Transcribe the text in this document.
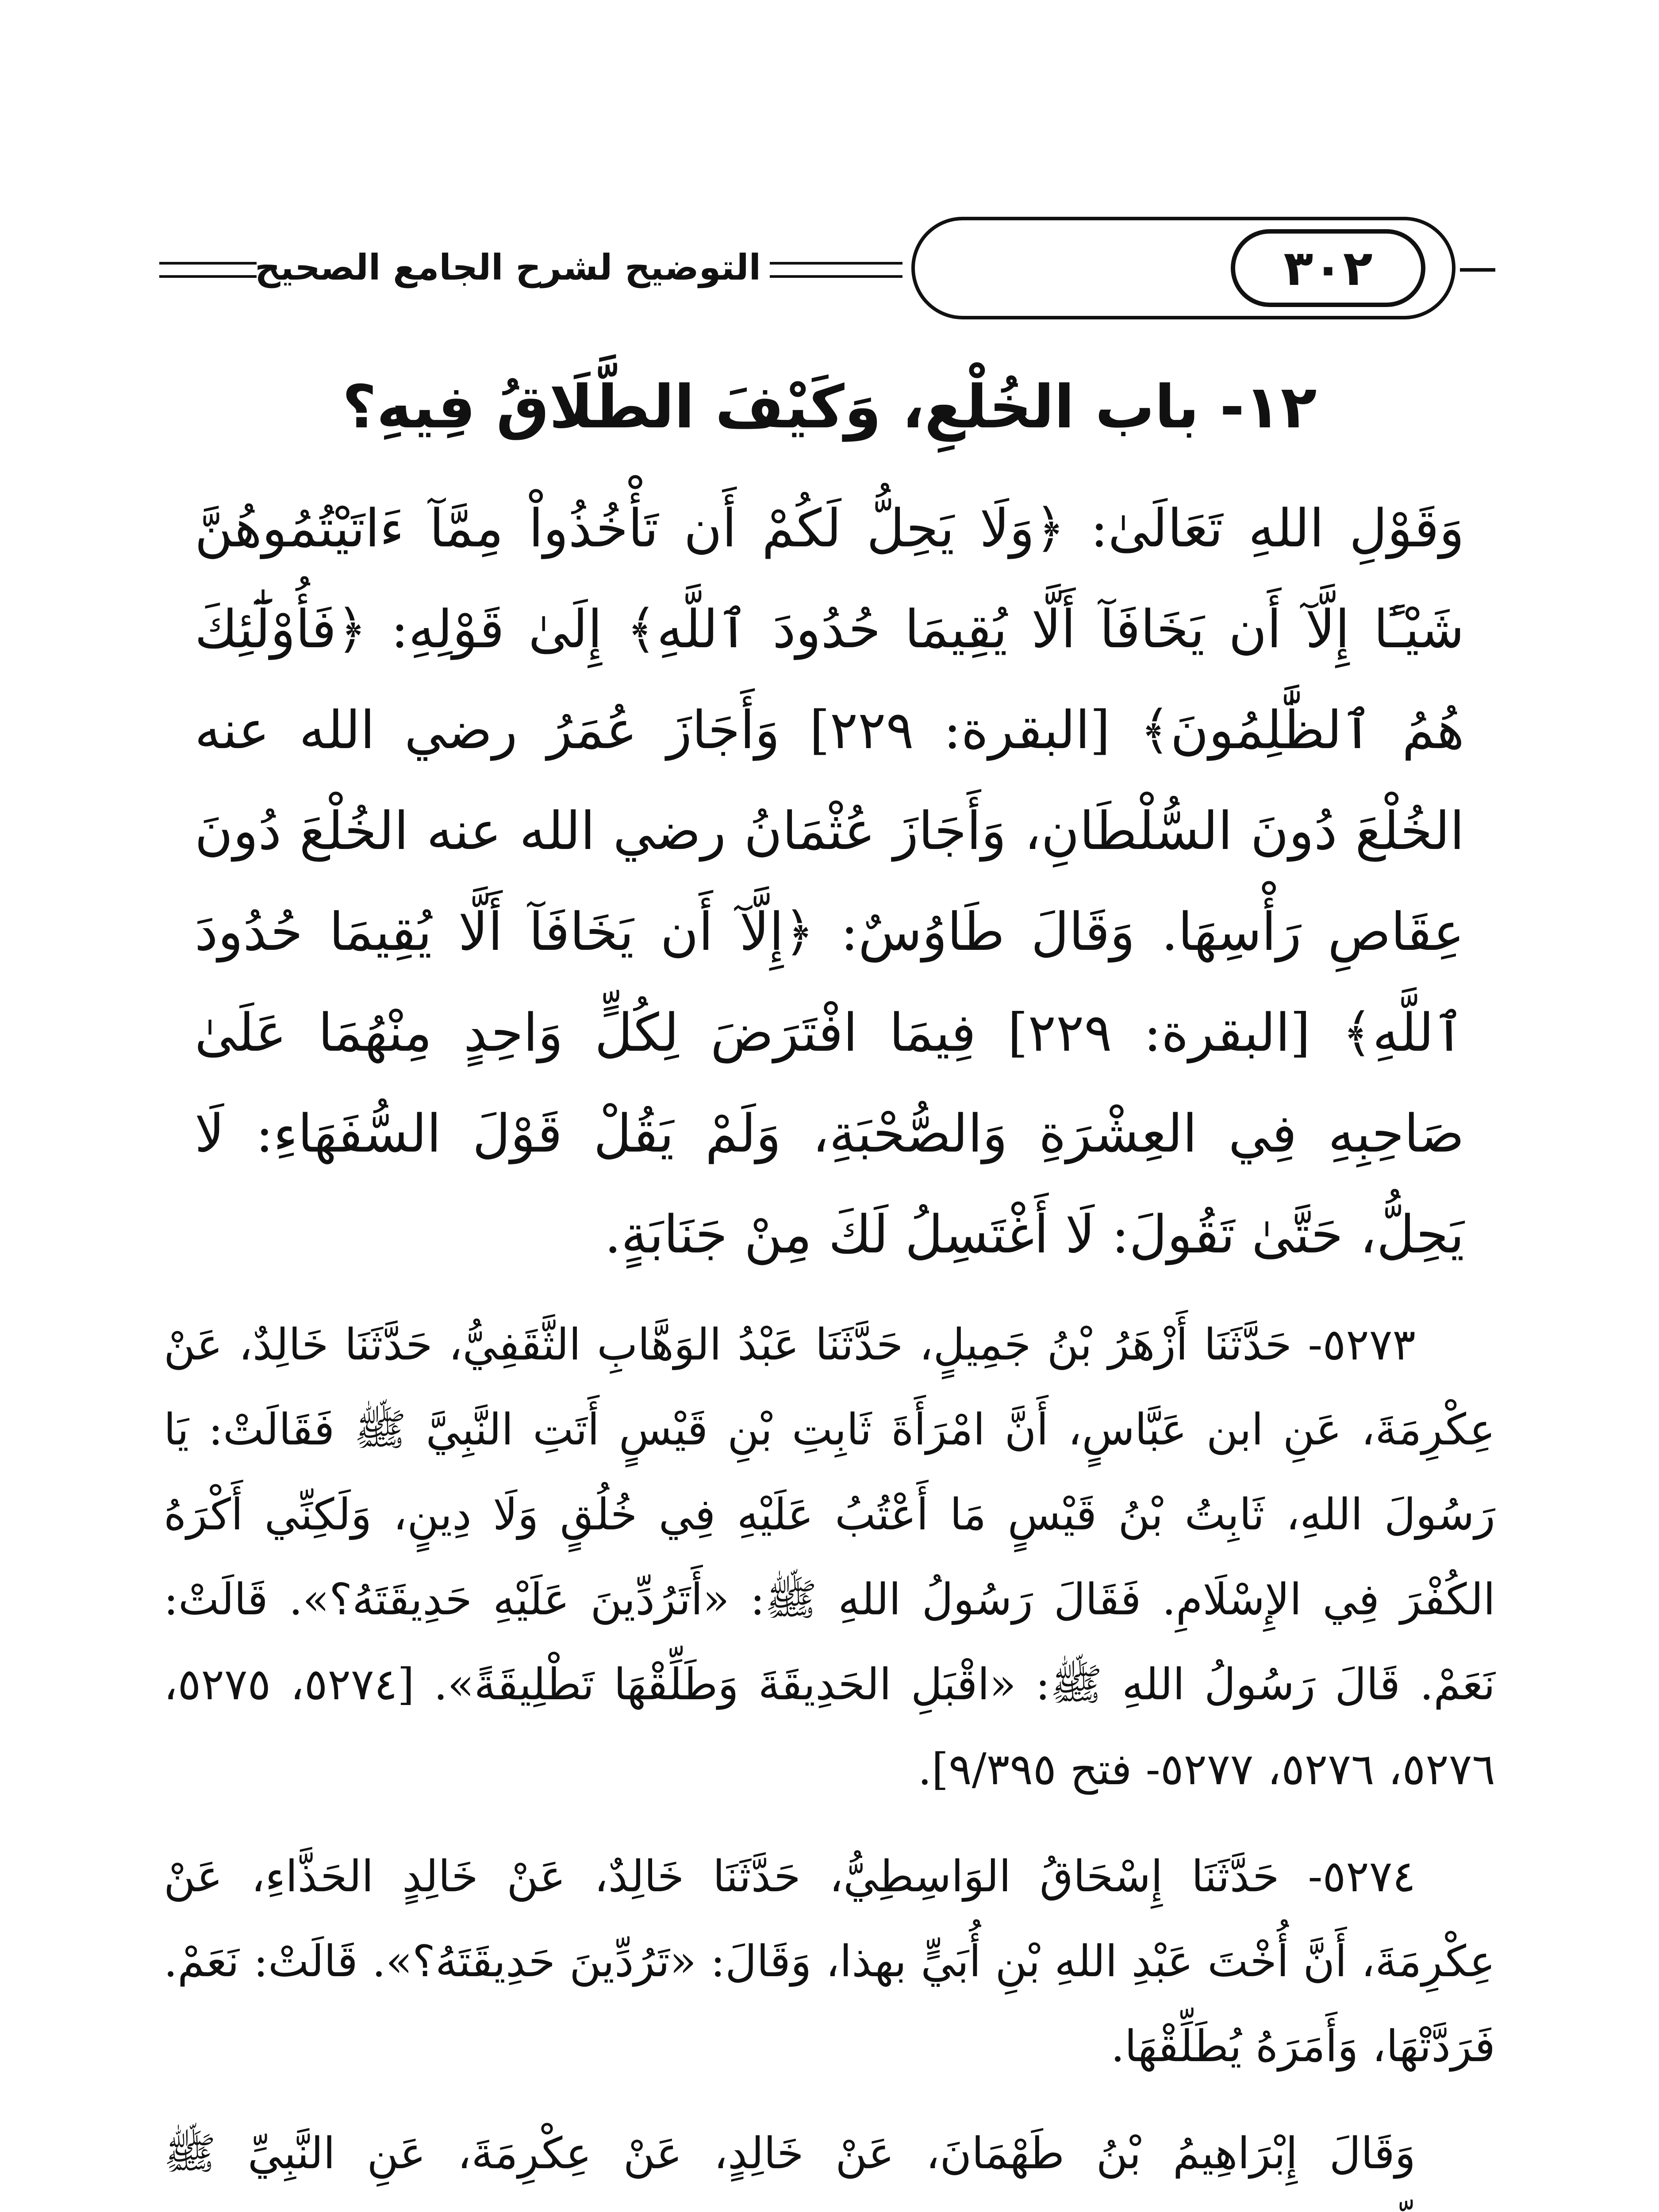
التوضيح لشرح الجامع الصحيح	٣٠٢
١٢- باب الخُلْعِ، وَكَيْفَ الطَّلَاقُ فِيهِ؟

وَقَوْلِ اللهِ تَعَالَىٰ: ﴿وَلَا يَحِلُّ لَكُمْ أَن تَأْخُذُواْ مِمَّآ ءَاتَيْتُمُوهُنَّ شَيْـًٔا إِلَّآ أَن يَخَافَآ أَلَّا يُقِيمَا حُدُودَ ٱللَّهِ﴾ إِلَىٰ قَوْلِهِ: ﴿فَأُوْلَٰٓئِكَ هُمُ ٱلظَّٰلِمُونَ﴾ [البقرة: ٢٢٩] وَأَجَازَ عُمَرُ رضي الله عنه الخُلْعَ دُونَ السُّلْطَانِ، وَأَجَازَ عُثْمَانُ رضي الله عنه الخُلْعَ دُونَ عِقَاصِ رَأْسِهَا. وَقَالَ طَاوُسٌ: ﴿إِلَّآ أَن يَخَافَآ أَلَّا يُقِيمَا حُدُودَ ٱللَّهِ﴾ [البقرة: ٢٢٩] فِيمَا افْتَرَضَ لِكُلٍّ وَاحِدٍ مِنْهُمَا عَلَىٰ صَاحِبِهِ فِي العِشْرَةِ وَالصُّحْبَةِ، وَلَمْ يَقُلْ قَوْلَ السُّفَهَاءِ: لَا يَحِلُّ، حَتَّىٰ تَقُولَ: لَا أَغْتَسِلُ لَكَ مِنْ جَنَابَةٍ.

٥٢٧٣- حَدَّثَنَا أَزْهَرُ بْنُ جَمِيلٍ، حَدَّثَنَا عَبْدُ الوَهَّابِ الثَّقَفِيُّ، حَدَّثَنَا خَالِدٌ، عَنْ عِكْرِمَةَ، عَنِ ابن عَبَّاسٍ، أَنَّ امْرَأَةَ ثَابِتِ بْنِ قَيْسٍ أَتَتِ النَّبِيَّ ﷺ فَقَالَتْ: يَا رَسُولَ اللهِ، ثَابِتُ بْنُ قَيْسٍ مَا أَعْتُبُ عَلَيْهِ فِي خُلُقٍ وَلَا دِينٍ، وَلَكِنِّي أَكْرَهُ الكُفْرَ فِي الإِسْلَامِ. فَقَالَ رَسُولُ اللهِ ﷺ: «أَتَرُدِّينَ عَلَيْهِ حَدِيقَتَهُ؟». قَالَتْ: نَعَمْ. قَالَ رَسُولُ اللهِ ﷺ: «اقْبَلِ الحَدِيقَةَ وَطَلِّقْهَا تَطْلِيقَةً». [٥٢٧٤، ٥٢٧٥، ٥٢٧٦، ٥٢٧٦، ٥٢٧٧- فتح ٩/٣٩٥].

٥٢٧٤- حَدَّثَنَا إِسْحَاقُ الوَاسِطِيُّ، حَدَّثَنَا خَالِدٌ، عَنْ خَالِدٍ الحَذَّاءِ، عَنْ عِكْرِمَةَ، أَنَّ أُخْتَ عَبْدِ اللهِ بْنِ أُبَيٍّ بهذا، وَقَالَ: «تَرُدِّينَ حَدِيقَتَهُ؟». قَالَتْ: نَعَمْ. فَرَدَّتْهَا، وَأَمَرَهُ يُطَلِّقْهَا.

وَقَالَ إِبْرَاهِيمُ بْنُ طَهْمَانَ، عَنْ خَالِدٍ، عَنْ عِكْرِمَةَ، عَنِ النَّبِيِّ ﷺ
